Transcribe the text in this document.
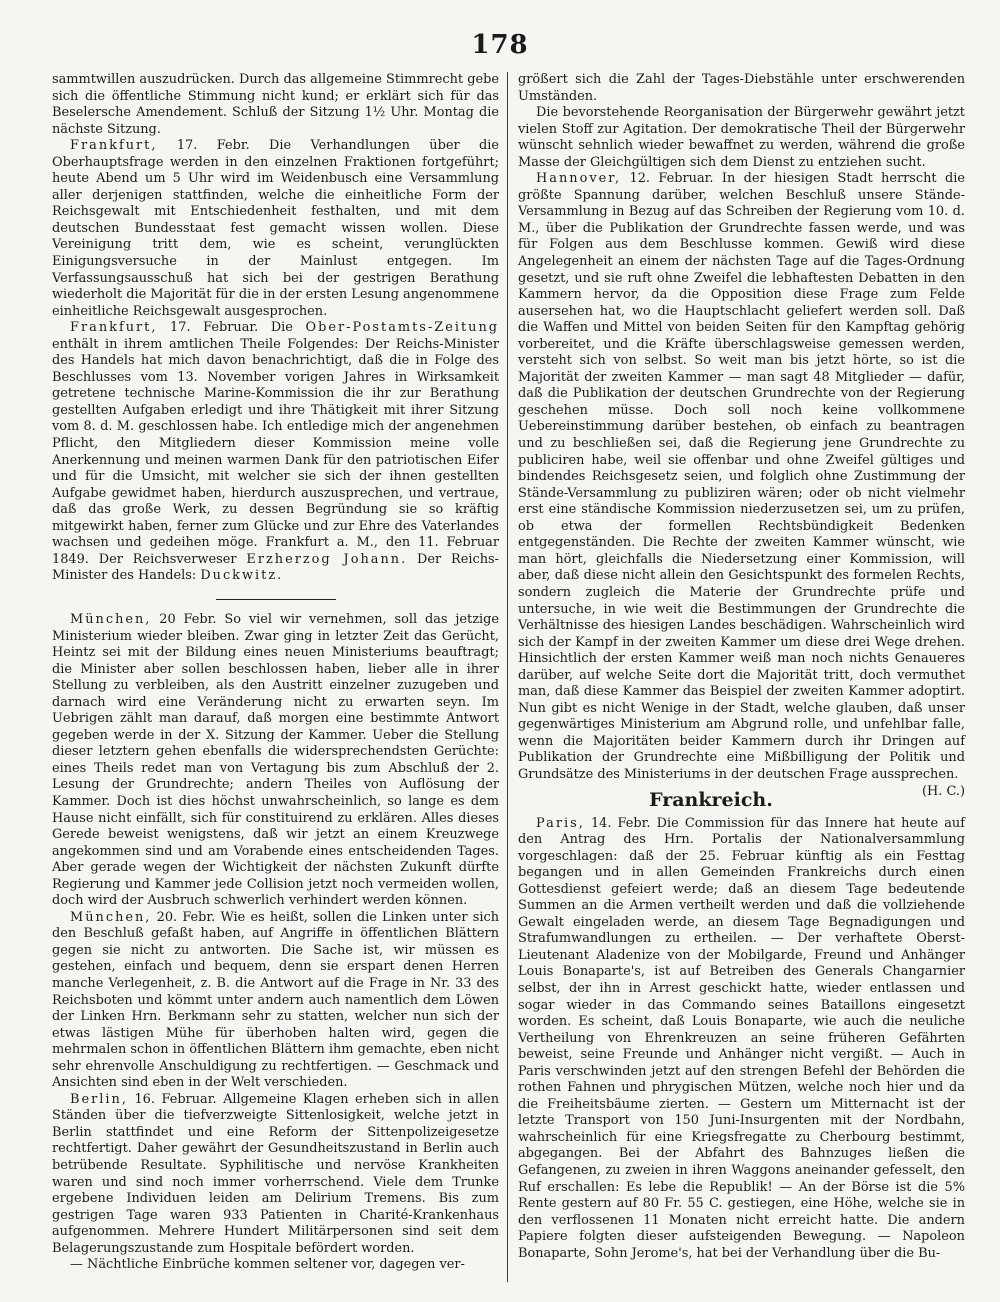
178

sammtwillen auszudrücken. Durch das allgemeine Stimmrecht gebe sich die öffentliche Stimmung nicht kund; er erklärt sich für das Beselersche Amendement. Schluß der Sitzung 1½ Uhr. Montag die nächste Sitzung.

Frankfurt, 17. Febr. Die Verhandlungen über die Oberhauptsfrage werden in den einzelnen Fraktionen fortgeführt; heute Abend um 5 Uhr wird im Weidenbusch eine Versammlung aller derjenigen stattfinden, welche die einheitliche Form der Reichsgewalt mit Entschiedenheit festhalten, und mit dem deutschen Bundesstaat fest gemacht wissen wollen. Diese Vereinigung tritt dem, wie es scheint, verunglückten Einigungsversuche in der Mainlust entgegen. Im Verfassungsausschuß hat sich bei der gestrigen Berathung wiederholt die Majorität für die in der ersten Lesung angenommene einheitliche Reichsgewalt ausgesprochen.

Frankfurt, 17. Februar. Die Ober-Postamts-Zeitung enthält in ihrem amtlichen Theile Folgendes: Der Reichs-Minister des Handels hat mich davon benachrichtigt, daß die in Folge des Beschlusses vom 13. November vorigen Jahres in Wirksamkeit getretene technische Marine-Kommission die ihr zur Berathung gestellten Aufgaben erledigt und ihre Thätigkeit mit ihrer Sitzung vom 8. d. M. geschlossen habe. Ich entledige mich der angenehmen Pflicht, den Mitgliedern dieser Kommission meine volle Anerkennung und meinen warmen Dank für den patriotischen Eifer und für die Umsicht, mit welcher sie sich der ihnen gestellten Aufgabe gewidmet haben, hierdurch auszusprechen, und vertraue, daß das große Werk, zu dessen Begründung sie so kräftig mitgewirkt haben, ferner zum Glücke und zur Ehre des Vaterlandes wachsen und gedeihen möge. Frankfurt a. M., den 11. Februar 1849. Der Reichsverweser Erzherzog Johann. Der Reichs-Minister des Handels: Duckwitz.

München, 20 Febr. So viel wir vernehmen, soll das jetzige Ministerium wieder bleiben. Zwar ging in letzter Zeit das Gerücht, Heintz sei mit der Bildung eines neuen Ministeriums beauftragt; die Minister aber sollen beschlossen haben, lieber alle in ihrer Stellung zu verbleiben, als den Austritt einzelner zuzugeben und darnach wird eine Veränderung nicht zu erwarten seyn. Im Uebrigen zählt man darauf, daß morgen eine bestimmte Antwort gegeben werde in der X. Sitzung der Kammer. Ueber die Stellung dieser letztern gehen ebenfalls die widersprechendsten Gerüchte: eines Theils redet man von Vertagung bis zum Abschluß der 2. Lesung der Grundrechte; andern Theiles von Auflösung der Kammer. Doch ist dies höchst unwahrscheinlich, so lange es dem Hause nicht einfällt, sich für constituirend zu erklären. Alles dieses Gerede beweist wenigstens, daß wir jetzt an einem Kreuzwege angekommen sind und am Vorabende eines entscheidenden Tages. Aber gerade wegen der Wichtigkeit der nächsten Zukunft dürfte Regierung und Kammer jede Collision jetzt noch vermeiden wollen, doch wird der Ausbruch schwerlich verhindert werden können.

München, 20. Febr. Wie es heißt, sollen die Linken unter sich den Beschluß gefaßt haben, auf Angriffe in öffentlichen Blättern gegen sie nicht zu antworten. Die Sache ist, wir müssen es gestehen, einfach und bequem, denn sie erspart denen Herren manche Verlegenheit, z. B. die Antwort auf die Frage in Nr. 33 des Reichsboten und kömmt unter andern auch namentlich dem Löwen der Linken Hrn. Berkmann sehr zu statten, welcher nun sich der etwas lästigen Mühe für überhoben halten wird, gegen die mehrmalen schon in öffentlichen Blättern ihm gemachte, eben nicht sehr ehrenvolle Anschuldigung zu rechtfertigen. — Geschmack und Ansichten sind eben in der Welt verschieden.

Berlin, 16. Februar. Allgemeine Klagen erheben sich in allen Ständen über die tiefverzweigte Sittenlosigkeit, welche jetzt in Berlin stattfindet und eine Reform der Sittenpolizeigesetze rechtfertigt. Daher gewährt der Gesundheitszustand in Berlin auch betrübende Resultate. Syphilitische und nervöse Krankheiten waren und sind noch immer vorherrschend. Viele dem Trunke ergebene Individuen leiden am Delirium Tremens. Bis zum gestrigen Tage waren 933 Patienten in Charité-Krankenhaus aufgenommen. Mehrere Hundert Militärpersonen sind seit dem Belagerungszustande zum Hospitale befördert worden.

— Nächtliche Einbrüche kommen seltener vor, dagegen ver-

größert sich die Zahl der Tages-Diebstähle unter erschwerenden Umständen.

Die bevorstehende Reorganisation der Bürgerwehr gewährt jetzt vielen Stoff zur Agitation. Der demokratische Theil der Bürgerwehr wünscht sehnlich wieder bewaffnet zu werden, während die große Masse der Gleichgültigen sich dem Dienst zu entziehen sucht.

Hannover, 12. Februar. In der hiesigen Stadt herrscht die größte Spannung darüber, welchen Beschluß unsere Stände-Versammlung in Bezug auf das Schreiben der Regierung vom 10. d. M., über die Publikation der Grundrechte fassen werde, und was für Folgen aus dem Beschlusse kommen. Gewiß wird diese Angelegenheit an einem der nächsten Tage auf die Tages-Ordnung gesetzt, und sie ruft ohne Zweifel die lebhaftesten Debatten in den Kammern hervor, da die Opposition diese Frage zum Felde ausersehen hat, wo die Hauptschlacht geliefert werden soll. Daß die Waffen und Mittel von beiden Seiten für den Kampftag gehörig vorbereitet, und die Kräfte überschlagsweise gemessen werden, versteht sich von selbst. So weit man bis jetzt hörte, so ist die Majorität der zweiten Kammer — man sagt 48 Mitglieder — dafür, daß die Publikation der deutschen Grundrechte von der Regierung geschehen müsse. Doch soll noch keine vollkommene Uebereinstimmung darüber bestehen, ob einfach zu beantragen und zu beschließen sei, daß die Regierung jene Grundrechte zu publiciren habe, weil sie offenbar und ohne Zweifel gültiges und bindendes Reichsgesetz seien, und folglich ohne Zustimmung der Stände-Versammlung zu publiziren wären; oder ob nicht vielmehr erst eine ständische Kommission niederzusetzen sei, um zu prüfen, ob etwa der formellen Rechtsbündigkeit Bedenken entgegenständen. Die Rechte der zweiten Kammer wünscht, wie man hört, gleichfalls die Niedersetzung einer Kommission, will aber, daß diese nicht allein den Gesichtspunkt des formelen Rechts, sondern zugleich die Materie der Grundrechte prüfe und untersuche, in wie weit die Bestimmungen der Grundrechte die Verhältnisse des hiesigen Landes beschädigen. Wahrscheinlich wird sich der Kampf in der zweiten Kammer um diese drei Wege drehen. Hinsichtlich der ersten Kammer weiß man noch nichts Genaueres darüber, auf welche Seite dort die Majorität tritt, doch vermuthet man, daß diese Kammer das Beispiel der zweiten Kammer adoptirt. Nun gibt es nicht Wenige in der Stadt, welche glauben, daß unser gegenwärtiges Ministerium am Abgrund rolle, und unfehlbar falle, wenn die Majoritäten beider Kammern durch ihr Dringen auf Publikation der Grundrechte eine Mißbilligung der Politik und Grundsätze des Ministeriums in der deutschen Frage aussprechen.
(H. C.)

Frankreich.

Paris, 14. Febr. Die Commission für das Innere hat heute auf den Antrag des Hrn. Portalis der Nationalversammlung vorgeschlagen: daß der 25. Februar künftig als ein Festtag begangen und in allen Gemeinden Frankreichs durch einen Gottesdienst gefeiert werde; daß an diesem Tage bedeutende Summen an die Armen vertheilt werden und daß die vollziehende Gewalt eingeladen werde, an diesem Tage Begnadigungen und Strafumwandlungen zu ertheilen. — Der verhaftete Oberst-Lieutenant Aladenize von der Mobilgarde, Freund und Anhänger Louis Bonaparte's, ist auf Betreiben des Generals Changarnier selbst, der ihn in Arrest geschickt hatte, wieder entlassen und sogar wieder in das Commando seines Bataillons eingesetzt worden. Es scheint, daß Louis Bonaparte, wie auch die neuliche Vertheilung von Ehrenkreuzen an seine früheren Gefährten beweist, seine Freunde und Anhänger nicht vergißt. — Auch in Paris verschwinden jetzt auf den strengen Befehl der Behörden die rothen Fahnen und phrygischen Mützen, welche noch hier und da die Freiheitsbäume zierten. — Gestern um Mitternacht ist der letzte Transport von 150 Juni-Insurgenten mit der Nordbahn, wahrscheinlich für eine Kriegsfregatte zu Cherbourg bestimmt, abgegangen. Bei der Abfahrt des Bahnzuges ließen die Gefangenen, zu zweien in ihren Waggons aneinander gefesselt, den Ruf erschallen: Es lebe die Republik! — An der Börse ist die 5% Rente gestern auf 80 Fr. 55 C. gestiegen, eine Höhe, welche sie in den verflossenen 11 Monaten nicht erreicht hatte. Die andern Papiere folgten dieser aufsteigenden Bewegung. — Napoleon Bonaparte, Sohn Jerome's, hat bei der Verhandlung über die Bu-
